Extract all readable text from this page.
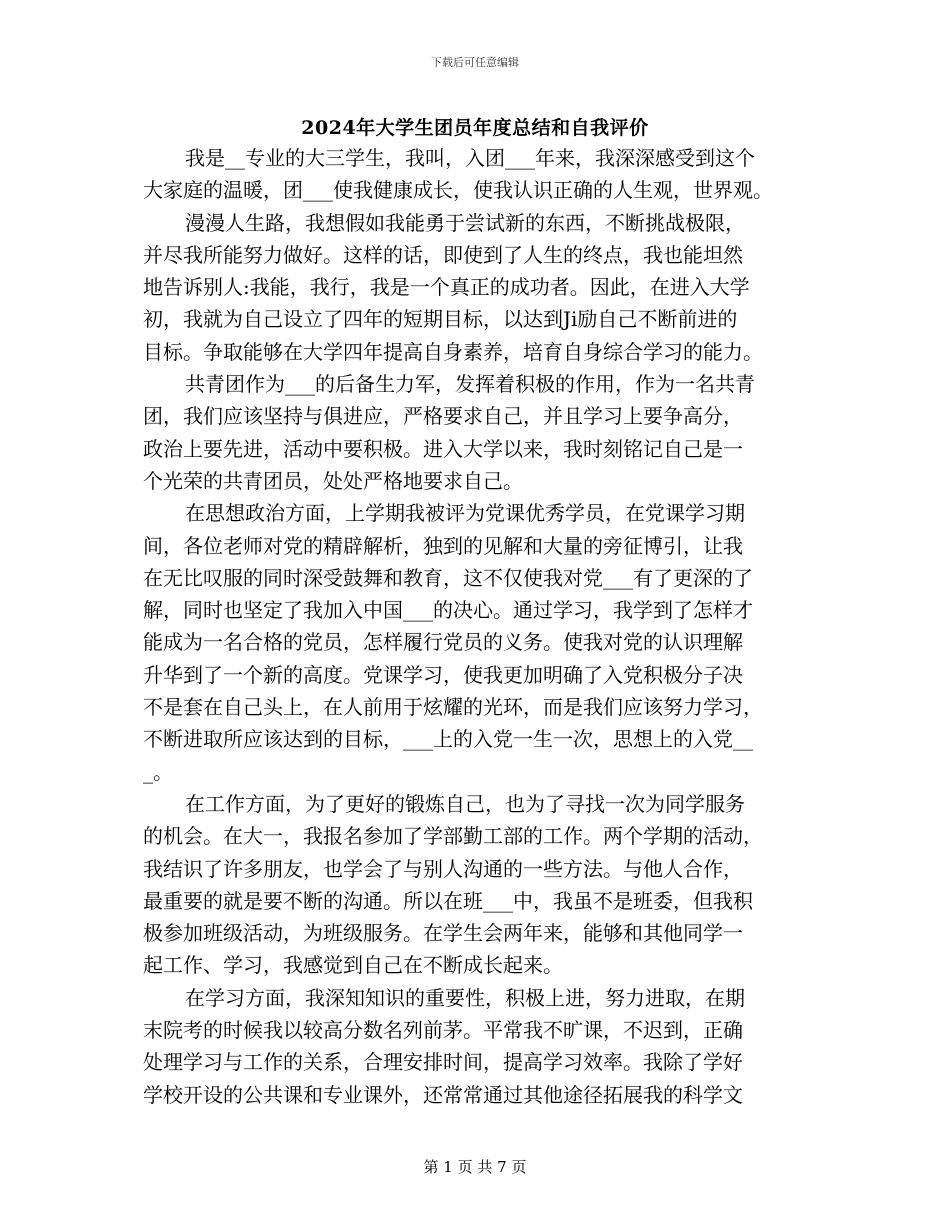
下载后可任意编辑
2024年大学生团员年度总结和自我评价
我是__专业的大三学生，我叫，入团___年来，我深深感受到这个
大家庭的温暖，团___使我健康成长，使我认识正确的人生观，世界观。
漫漫人生路，我想假如我能勇于尝试新的东西，不断挑战极限，
并尽我所能努力做好。这样的话，即使到了人生的终点，我也能坦然
地告诉别人:我能，我行，我是一个真正的成功者。因此，在进入大学
初，我就为自己设立了四年的短期目标，以达到Ji励自己不断前进的
目标。争取能够在大学四年提高自身素养，培育自身综合学习的能力。
共青团作为___的后备生力军，发挥着积极的作用，作为一名共青
团，我们应该坚持与俱进应，严格要求自己，并且学习上要争高分，
政治上要先进，活动中要积极。进入大学以来，我时刻铭记自己是一
个光荣的共青团员，处处严格地要求自己。
在思想政治方面，上学期我被评为党课优秀学员，在党课学习期
间，各位老师对党的精辟解析，独到的见解和大量的旁征博引，让我
在无比叹服的同时深受鼓舞和教育，这不仅使我对党___有了更深的了
解，同时也坚定了我加入中国___的决心。通过学习，我学到了怎样才
能成为一名合格的党员，怎样履行党员的义务。使我对党的认识理解
升华到了一个新的高度。党课学习，使我更加明确了入党积极分子决
不是套在自己头上，在人前用于炫耀的光环，而是我们应该努力学习，
不断进取所应该达到的目标，___上的入党一生一次，思想上的入党__
_。
在工作方面，为了更好的锻炼自己，也为了寻找一次为同学服务
的机会。在大一，我报名参加了学部勤工部的工作。两个学期的活动，
我结识了许多朋友，也学会了与别人沟通的一些方法。与他人合作，
最重要的就是要不断的沟通。所以在班___中，我虽不是班委，但我积
极参加班级活动，为班级服务。在学生会两年来，能够和其他同学一
起工作、学习，我感觉到自己在不断成长起来。
在学习方面，我深知知识的重要性，积极上进，努力进取，在期
末院考的时候我以较高分数名列前茅。平常我不旷课，不迟到，正确
处理学习与工作的关系，合理安排时间，提高学习效率。我除了学好
学校开设的公共课和专业课外，还常常通过其他途径拓展我的科学文
第 1 页 共 7 页
